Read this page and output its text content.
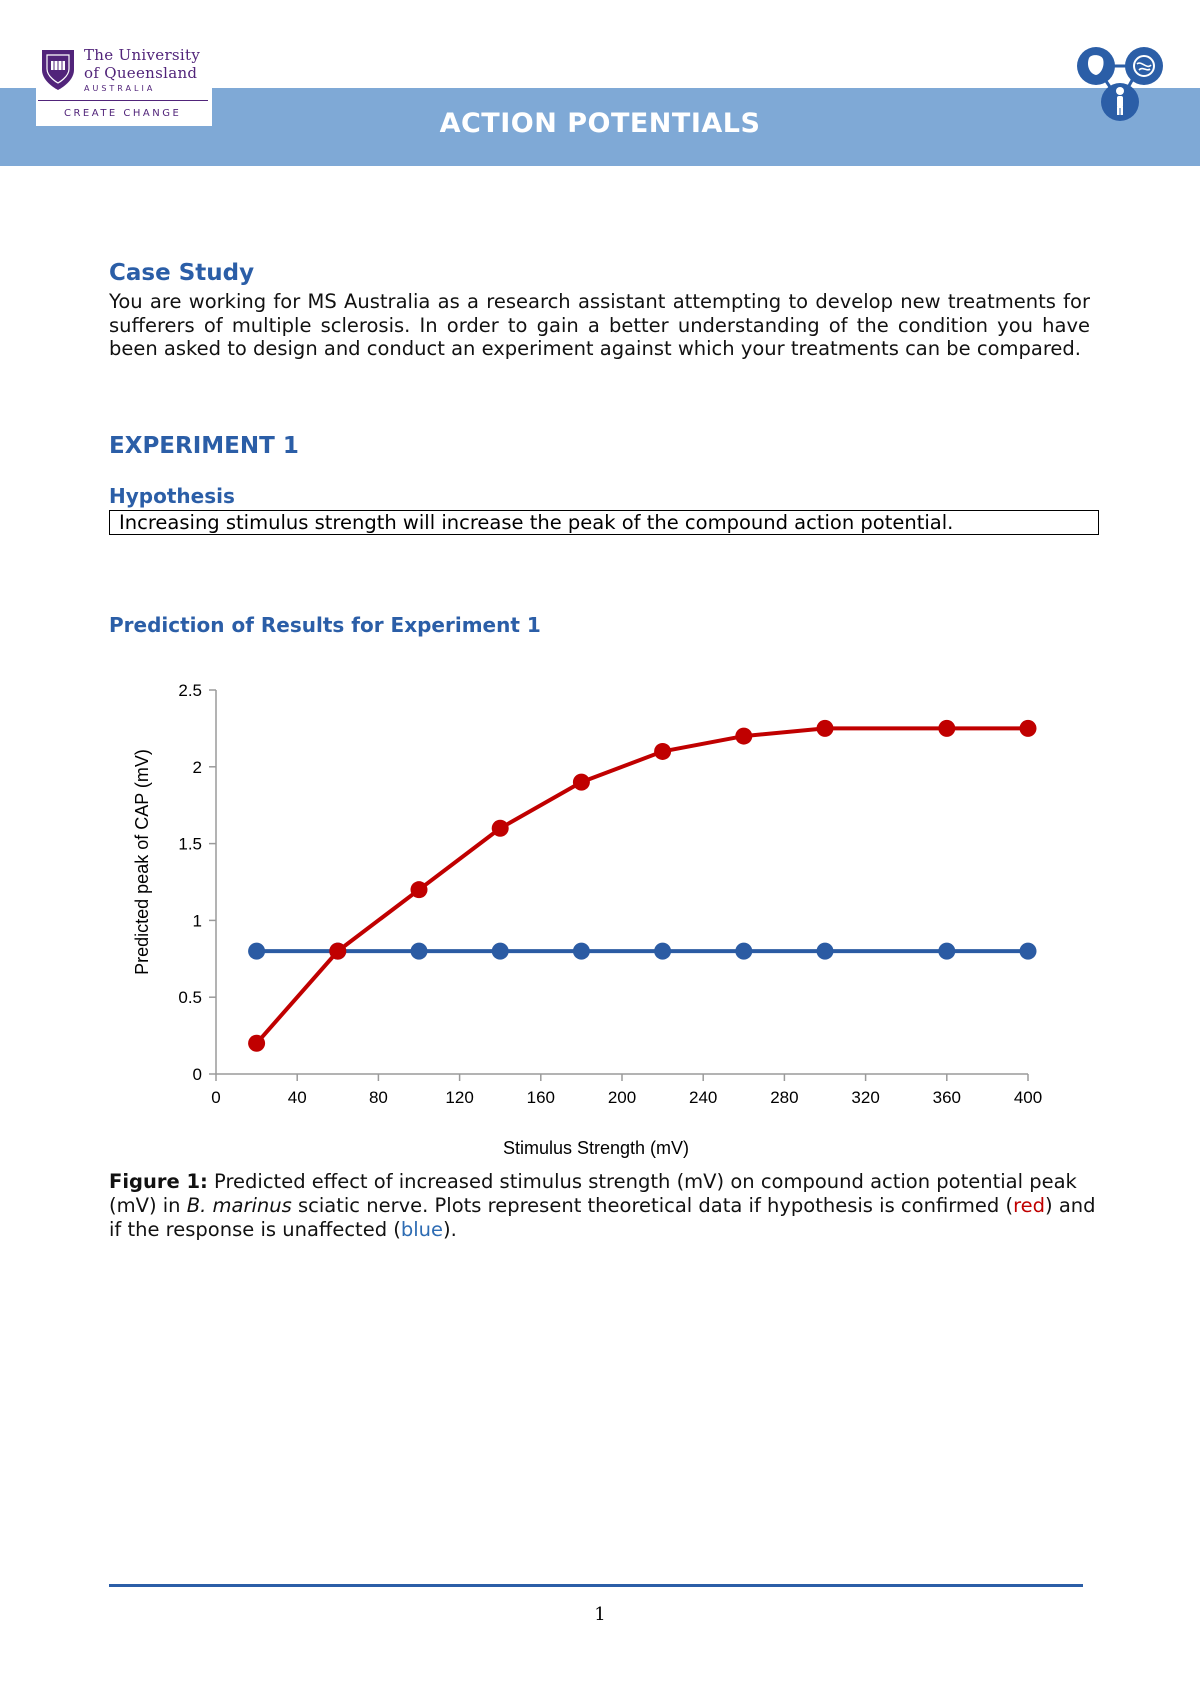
The University
of Queensland
AUSTRALIA
CREATE CHANGE	ACTION POTENTIALS
Case Study
You are working for MS Australia as a research assistant attempting to develop new treatments for sufferers of multiple sclerosis. In order to gain a better understanding of the condition you have been asked to design and conduct an experiment against which your treatments can be compared.
EXPERIMENT 1
Hypothesis
Increasing stimulus strength will increase the peak of the compound action potential.
Prediction of Results for Experiment 1
0
0.5
1
1.5
2
2.5
0	40	80	120	160	200	240	280	320	360	400
Stimulus Strength (mV)
Predicted peak of CAP (mV)
Figure 1: Predicted effect of increased stimulus strength (mV) on compound action potential peak (mV) in B. marinus sciatic nerve. Plots represent theoretical data if hypothesis is confirmed (red) and if the response is unaffected (blue).
1
